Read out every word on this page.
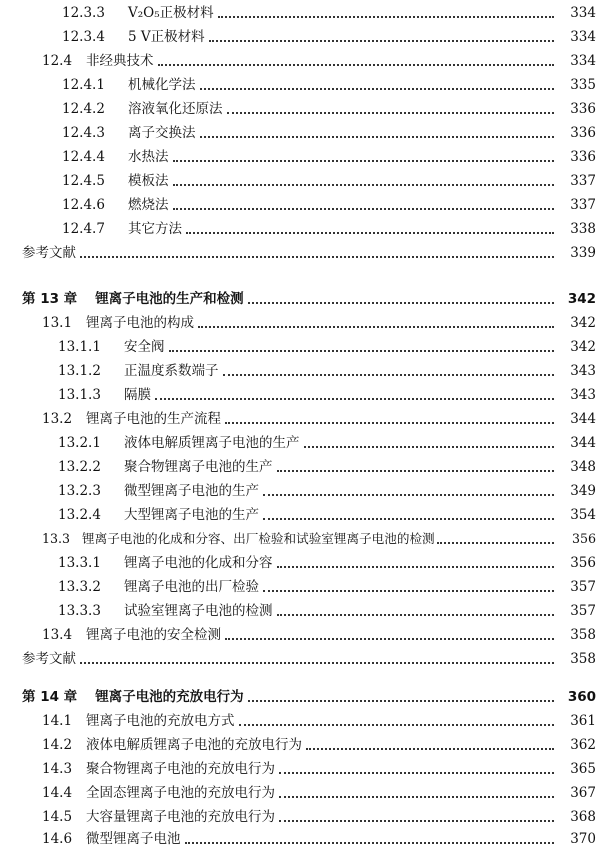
12.3.3	V₂O₅正极材料	334
12.3.4	5 V正极材料	334
12.4	非经典技术	334
12.4.1	机械化学法	335
12.4.2	溶液氧化还原法	336
12.4.3	离子交换法	336
12.4.4	水热法	336
12.4.5	模板法	337
12.4.6	燃烧法	337
12.4.7	其它方法	338
参考文献	339
第 13 章	锂离子电池的生产和检测	342
13.1	锂离子电池的构成	342
13.1.1	安全阀	342
13.1.2	正温度系数端子	343
13.1.3	隔膜	343
13.2	锂离子电池的生产流程	344
13.2.1	液体电解质锂离子电池的生产	344
13.2.2	聚合物锂离子电池的生产	348
13.2.3	微型锂离子电池的生产	349
13.2.4	大型锂离子电池的生产	354
13.3 锂离子电池的化成和分容、出厂检验和试验室锂离子电池的检测	356
13.3.1	锂离子电池的化成和分容	356
13.3.2	锂离子电池的出厂检验	357
13.3.3	试验室锂离子电池的检测	357
13.4	锂离子电池的安全检测	358
参考文献	358
第 14 章	锂离子电池的充放电行为	360
14.1	锂离子电池的充放电方式	361
14.2	液体电解质锂离子电池的充放电行为	362
14.3	聚合物锂离子电池的充放电行为	365
14.4	全固态锂离子电池的充放电行为	367
14.5	大容量锂离子电池的充放电行为	368
14.6	微型锂离子电池	370
